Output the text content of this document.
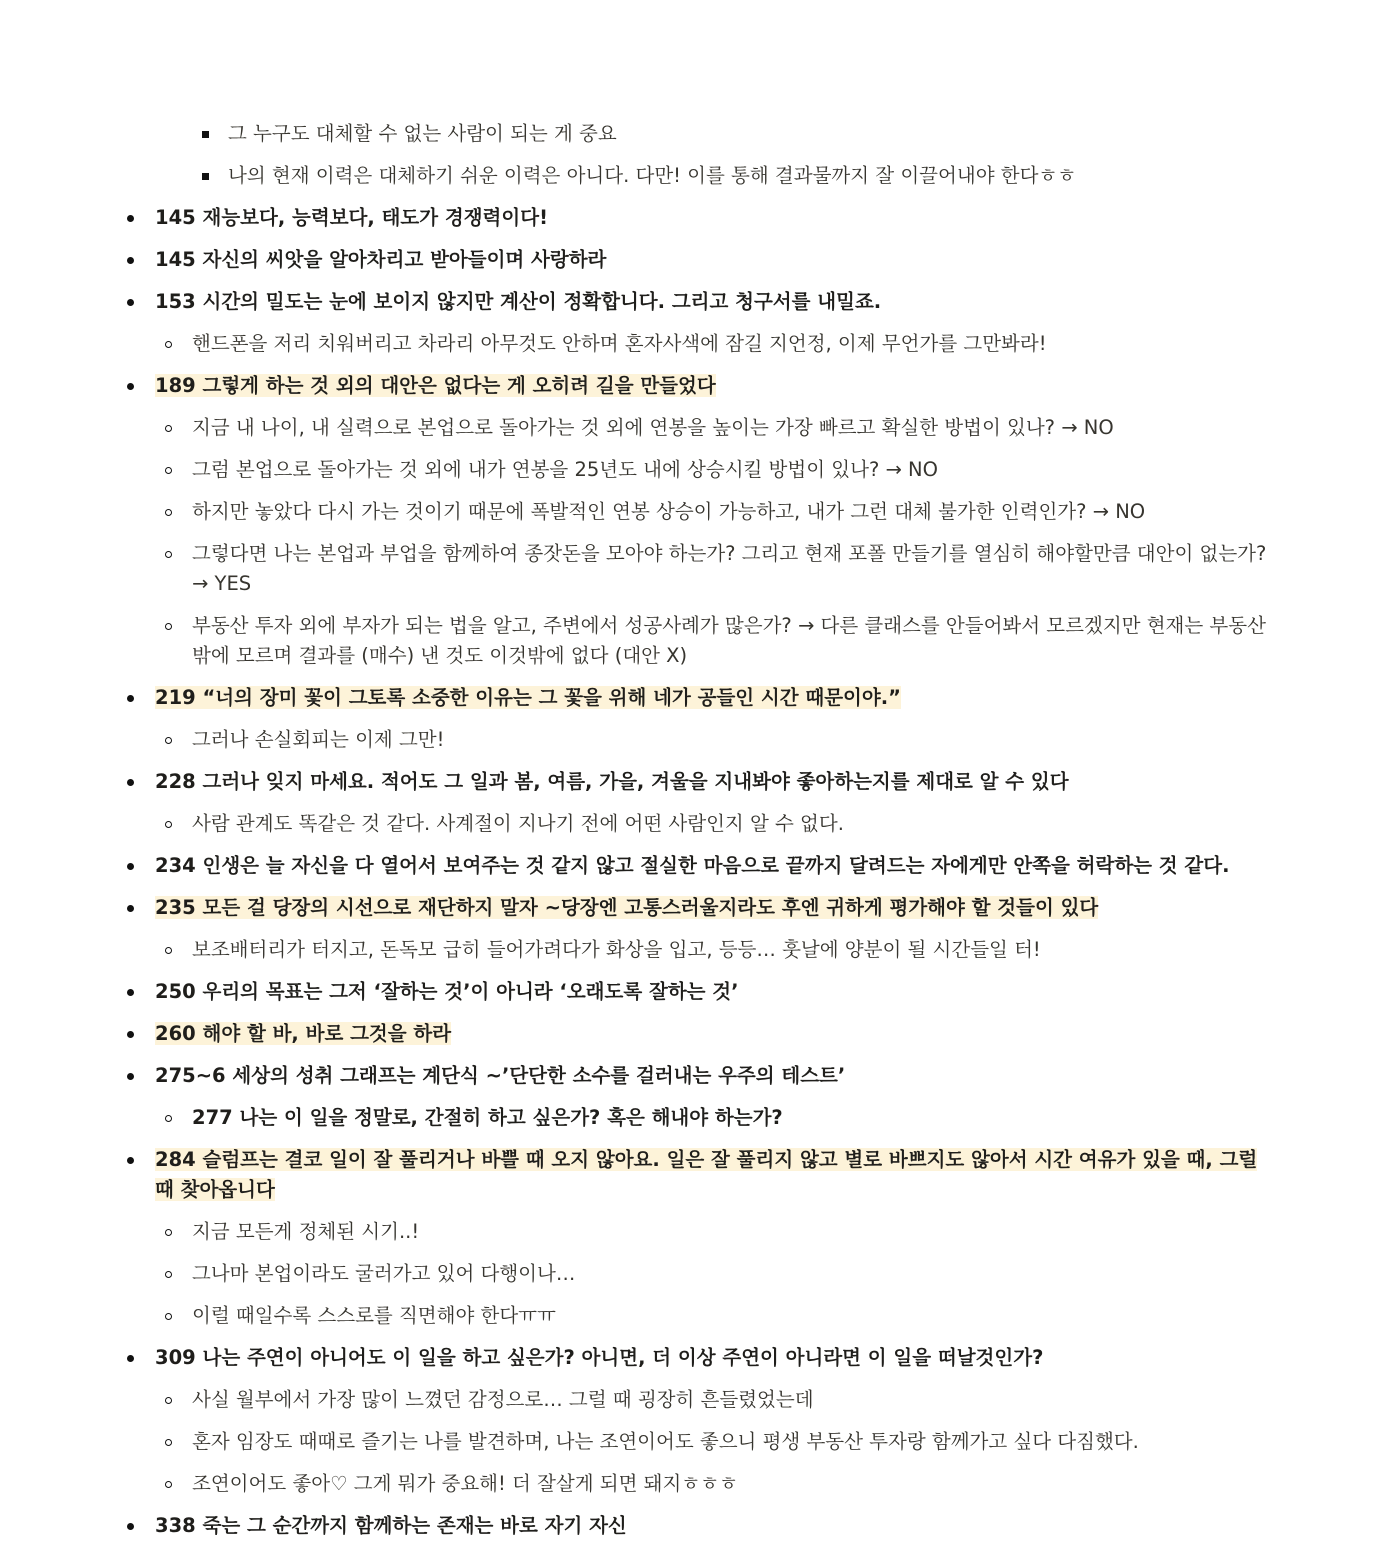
그 누구도 대체할 수 없는 사람이 되는 게 중요
나의 현재 이력은 대체하기 쉬운 이력은 아니다. 다만! 이를 통해 결과물까지 잘 이끌어내야 한다ㅎㅎ
145 재능보다, 능력보다, 태도가 경쟁력이다!
145 자신의 씨앗을 알아차리고 받아들이며 사랑하라
153 시간의 밀도는 눈에 보이지 않지만 계산이 정확합니다. 그리고 청구서를 내밀죠.
핸드폰을 저리 치워버리고 차라리 아무것도 안하며 혼자사색에 잠길 지언정, 이제 무언가를 그만봐라!
189 그렇게 하는 것 외의 대안은 없다는 게 오히려 길을 만들었다
지금 내 나이, 내 실력으로 본업으로 돌아가는 것 외에 연봉을 높이는 가장 빠르고 확실한 방법이 있나? → NO
그럼 본업으로 돌아가는 것 외에 내가 연봉을 25년도 내에 상승시킬 방법이 있나? → NO
하지만 놓았다 다시 가는 것이기 때문에 폭발적인 연봉 상승이 가능하고, 내가 그런 대체 불가한 인력인가? → NO
그렇다면 나는 본업과 부업을 함께하여 종잣돈을 모아야 하는가? 그리고 현재 포폴 만들기를 열심히 해야할만큼 대안이 없는가? → YES
부동산 투자 외에 부자가 되는 법을 알고, 주변에서 성공사례가 많은가? → 다른 클래스를 안들어봐서 모르겠지만 현재는 부동산밖에 모르며 결과를 (매수) 낸 것도 이것밖에 없다 (대안 X)
219 “너의 장미 꽃이 그토록 소중한 이유는 그 꽃을 위해 네가 공들인 시간 때문이야.”
그러나 손실회피는 이제 그만!
228 그러나 잊지 마세요. 적어도 그 일과 봄, 여름, 가을, 겨울을 지내봐야 좋아하는지를 제대로 알 수 있다
사람 관계도 똑같은 것 같다. 사계절이 지나기 전에 어떤 사람인지 알 수 없다.
234 인생은 늘 자신을 다 열어서 보여주는 것 같지 않고 절실한 마음으로 끝까지 달려드는 자에게만 안쪽을 허락하는 것 같다.
235 모든 걸 당장의 시선으로 재단하지 말자 ~당장엔 고통스러울지라도 후엔 귀하게 평가해야 할 것들이 있다
보조배터리가 터지고, 돈독모 급히 들어가려다가 화상을 입고, 등등… 훗날에 양분이 될 시간들일 터!
250 우리의 목표는 그저 ‘잘하는 것’이 아니라 ‘오래도록 잘하는 것’
260 해야 할 바, 바로 그것을 하라
275~6 세상의 성취 그래프는 계단식 ~’단단한 소수를 걸러내는 우주의 테스트’
277 나는 이 일을 정말로, 간절히 하고 싶은가? 혹은 해내야 하는가?
284 슬럼프는 결코 일이 잘 풀리거나 바쁠 때 오지 않아요. 일은 잘 풀리지 않고 별로 바쁘지도 않아서 시간 여유가 있을 때, 그럴 때 찾아옵니다
지금 모든게 정체된 시기..!
그나마 본업이라도 굴러가고 있어 다행이나…
이럴 때일수록 스스로를 직면해야 한다ㅠㅠ
309 나는 주연이 아니어도 이 일을 하고 싶은가? 아니면, 더 이상 주연이 아니라면 이 일을 떠날것인가?
사실 월부에서 가장 많이 느꼈던 감정으로… 그럴 때 굉장히 흔들렸었는데
혼자 임장도 때때로 즐기는 나를 발견하며, 나는 조연이어도 좋으니 평생 부동산 투자랑 함께가고 싶다 다짐했다.
조연이어도 좋아♡ 그게 뭐가 중요해! 더 잘살게 되면 돼지ㅎㅎㅎ
338 죽는 그 순간까지 함께하는 존재는 바로 자기 자신
